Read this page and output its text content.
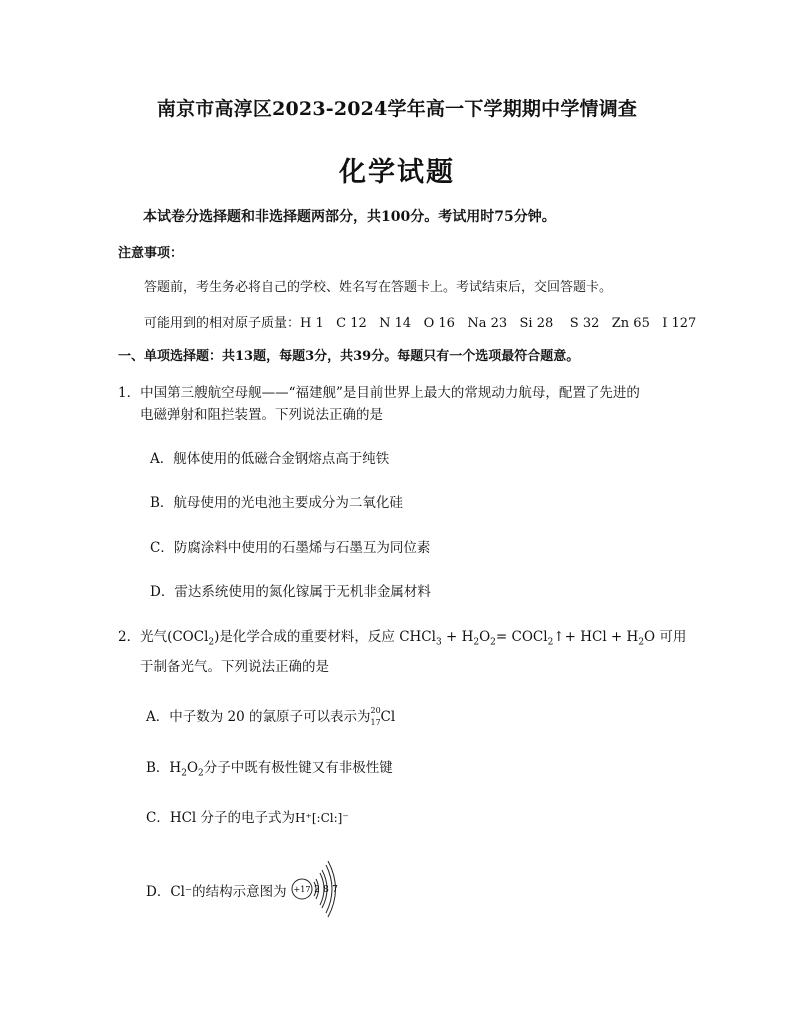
南京市高淳区2023-2024学年高一下学期期中学情调查
化学试题
本试卷分选择题和非选择题两部分，共100分。考试用时75分钟。
注意事项：
答题前，考生务必将自己的学校、姓名写在答题卡上。考试结束后，交回答题卡。
可能用到的相对原子质量：H 1   C 12   N 14   O 16   Na 23   Si 28    S 32   Zn 65   I 127
一、单项选择题：共13题，每题3分，共39分。每题只有一个选项最符合题意。
1．中国第三艘航空母舰——“福建舰”是目前世界上最大的常规动力航母，配置了先进的
电磁弹射和阻拦装置。下列说法正确的是
A．舰体使用的低磁合金钢熔点高于纯铁
B．航母使用的光电池主要成分为二氧化硅
C．防腐涂料中使用的石墨烯与石墨互为同位素
D．雷达系统使用的氮化镓属于无机非金属材料
2．光气(COCl$_2$)是化学合成的重要材料，反应 CHCl$_3$ + $H_2O_2=$ COCl$_2$↑+ HCl + $H_2O$ 可用
于制备光气。下列说法正确的是
A．中子数为 20 的氯原子可以表示为 20
17 Cl
B．$H_2O_2$分子中既有极性键又有非极性键
C．HCl 分子的电子式为H⁺[:Cl:]⁻
D．Cl⁻的结构示意图为 +17 2 8 7
